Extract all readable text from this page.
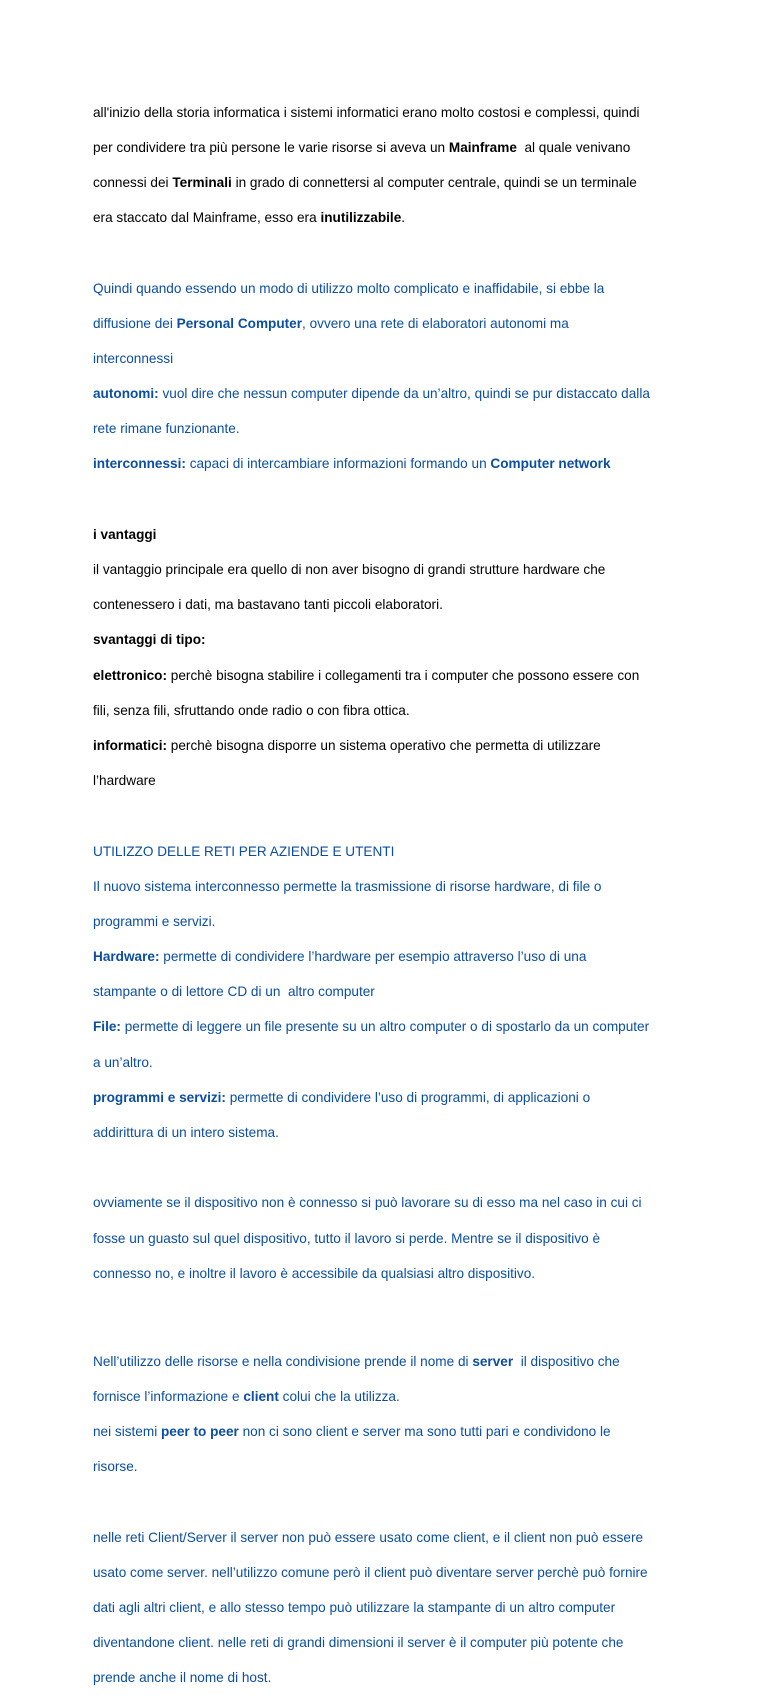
all'inizio della storia informatica i sistemi informatici erano molto costosi e complessi, quindi

per condividere tra più persone le varie risorse si aveva un Mainframe  al quale venivano

connessi dei Terminali in grado di connettersi al computer centrale, quindi se un terminale

era staccato dal Mainframe, esso era inutilizzabile.

Quindi quando essendo un modo di utilizzo molto complicato e inaffidabile, si ebbe la

diffusione dei Personal Computer, ovvero una rete di elaboratori autonomi ma

interconnessi

autonomi: vuol dire che nessun computer dipende da un’altro, quindi se pur distaccato dalla

rete rimane funzionante.

interconnessi: capaci di intercambiare informazioni formando un Computer network

i vantaggi

il vantaggio principale era quello di non aver bisogno di grandi strutture hardware che

contenessero i dati, ma bastavano tanti piccoli elaboratori.

svantaggi di tipo:

elettronico: perchè bisogna stabilire i collegamenti tra i computer che possono essere con

fili, senza fili, sfruttando onde radio o con fibra ottica.

informatici: perchè bisogna disporre un sistema operativo che permetta di utilizzare

l’hardware

UTILIZZO DELLE RETI PER AZIENDE E UTENTI

Il nuovo sistema interconnesso permette la trasmissione di risorse hardware, di file o

programmi e servizi.

Hardware: permette di condividere l’hardware per esempio attraverso l’uso di una

stampante o di lettore CD di un  altro computer

File: permette di leggere un file presente su un altro computer o di spostarlo da un computer

a un’altro.

programmi e servizi: permette di condividere l’uso di programmi, di applicazioni o

addirittura di un intero sistema.

ovviamente se il dispositivo non è connesso si può lavorare su di esso ma nel caso in cui ci

fosse un guasto sul quel dispositivo, tutto il lavoro si perde. Mentre se il dispositivo è

connesso no, e inoltre il lavoro è accessibile da qualsiasi altro dispositivo.

Nell’utilizzo delle risorse e nella condivisione prende il nome di server  il dispositivo che

fornisce l’informazione e client colui che la utilizza.

nei sistemi peer to peer non ci sono client e server ma sono tutti pari e condividono le

risorse.

nelle reti Client/Server il server non può essere usato come client, e il client non può essere

usato come server. nell’utilizzo comune però il client può diventare server perchè può fornire

dati agli altri client, e allo stesso tempo può utilizzare la stampante di un altro computer

diventandone client. nelle reti di grandi dimensioni il server è il computer più potente che

prende anche il nome di host.
